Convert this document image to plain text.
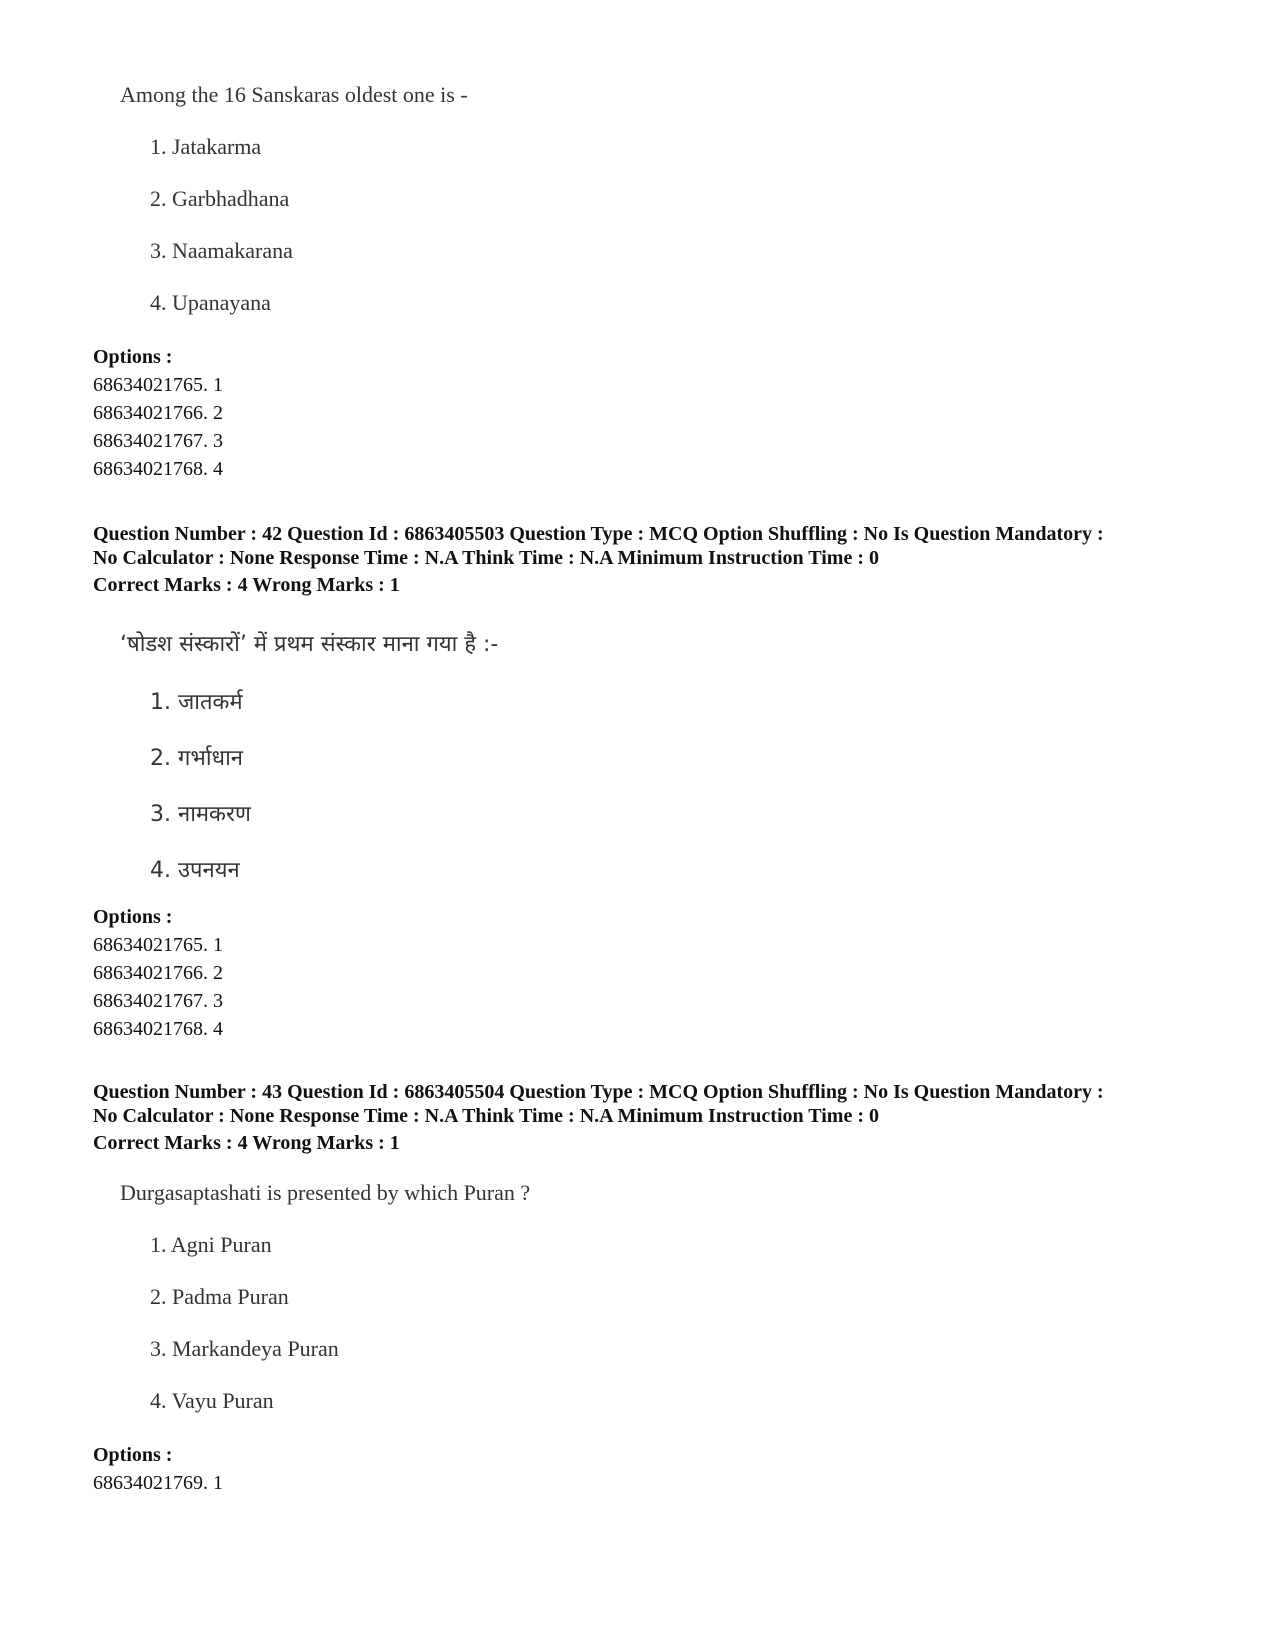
Among the 16 Sanskaras oldest one is -
1. Jatakarma
2. Garbhadhana
3. Naamakarana
4. Upanayana
Options :
68634021765. 1
68634021766. 2
68634021767. 3
68634021768. 4
Question Number : 42 Question Id : 6863405503 Question Type : MCQ Option Shuffling : No Is Question Mandatory :
No Calculator : None Response Time : N.A Think Time : N.A Minimum Instruction Time : 0
Correct Marks : 4 Wrong Marks : 1
‘षोडश संस्कारों’ में प्रथम संस्कार माना गया है :-
1. जातकर्म
2. गर्भाधान
3. नामकरण
4. उपनयन
Options :
68634021765. 1
68634021766. 2
68634021767. 3
68634021768. 4
Question Number : 43 Question Id : 6863405504 Question Type : MCQ Option Shuffling : No Is Question Mandatory :
No Calculator : None Response Time : N.A Think Time : N.A Minimum Instruction Time : 0
Correct Marks : 4 Wrong Marks : 1
Durgasaptashati is presented by which Puran ?
1. Agni Puran
2. Padma Puran
3. Markandeya Puran
4. Vayu Puran
Options :
68634021769. 1
